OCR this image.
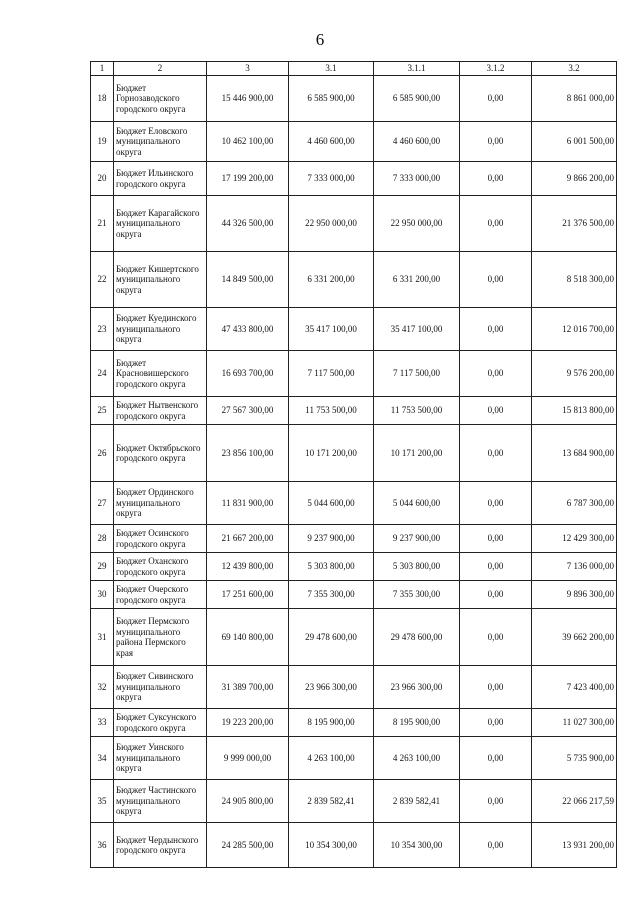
6
1	2	3	3.1	3.1.1	3.1.2	3.2
18	Бюджет Горнозаводского городского округа	15 446 900,00	6 585 900,00	6 585 900,00	0,00	8 861 000,00
19	Бюджет Еловского муниципального округа	10 462 100,00	4 460 600,00	4 460 600,00	0,00	6 001 500,00
20	Бюджет Ильинского городского округа	17 199 200,00	7 333 000,00	7 333 000,00	0,00	9 866 200,00
21	Бюджет Карагайского муниципального округа	44 326 500,00	22 950 000,00	22 950 000,00	0,00	21 376 500,00
22	Бюджет Кишертского муниципального округа	14 849 500,00	6 331 200,00	6 331 200,00	0,00	8 518 300,00
23	Бюджет Куединского муниципального округа	47 433 800,00	35 417 100,00	35 417 100,00	0,00	12 016 700,00
24	Бюджет Красновишерского городского округа	16 693 700,00	7 117 500,00	7 117 500,00	0,00	9 576 200,00
25	Бюджет Нытвенского городского округа	27 567 300,00	11 753 500,00	11 753 500,00	0,00	15 813 800,00
26	Бюджет Октябрьского городского округа	23 856 100,00	10 171 200,00	10 171 200,00	0,00	13 684 900,00
27	Бюджет Ординского муниципального округа	11 831 900,00	5 044 600,00	5 044 600,00	0,00	6 787 300,00
28	Бюджет Осинского городского округа	21 667 200,00	9 237 900,00	9 237 900,00	0,00	12 429 300,00
29	Бюджет Оханского городского округа	12 439 800,00	5 303 800,00	5 303 800,00	0,00	7 136 000,00
30	Бюджет Очерского городского округа	17 251 600,00	7 355 300,00	7 355 300,00	0,00	9 896 300,00
31	Бюджет Пермского муниципального района Пермского края	69 140 800,00	29 478 600,00	29 478 600,00	0,00	39 662 200,00
32	Бюджет Сивинского муниципального округа	31 389 700,00	23 966 300,00	23 966 300,00	0,00	7 423 400,00
33	Бюджет Суксунского городского округа	19 223 200,00	8 195 900,00	8 195 900,00	0,00	11 027 300,00
34	Бюджет Уинского муниципального округа	9 999 000,00	4 263 100,00	4 263 100,00	0,00	5 735 900,00
35	Бюджет Частинского муниципального округа	24 905 800,00	2 839 582,41	2 839 582,41	0,00	22 066 217,59
36	Бюджет Чердынского городского округа	24 285 500,00	10 354 300,00	10 354 300,00	0,00	13 931 200,00
